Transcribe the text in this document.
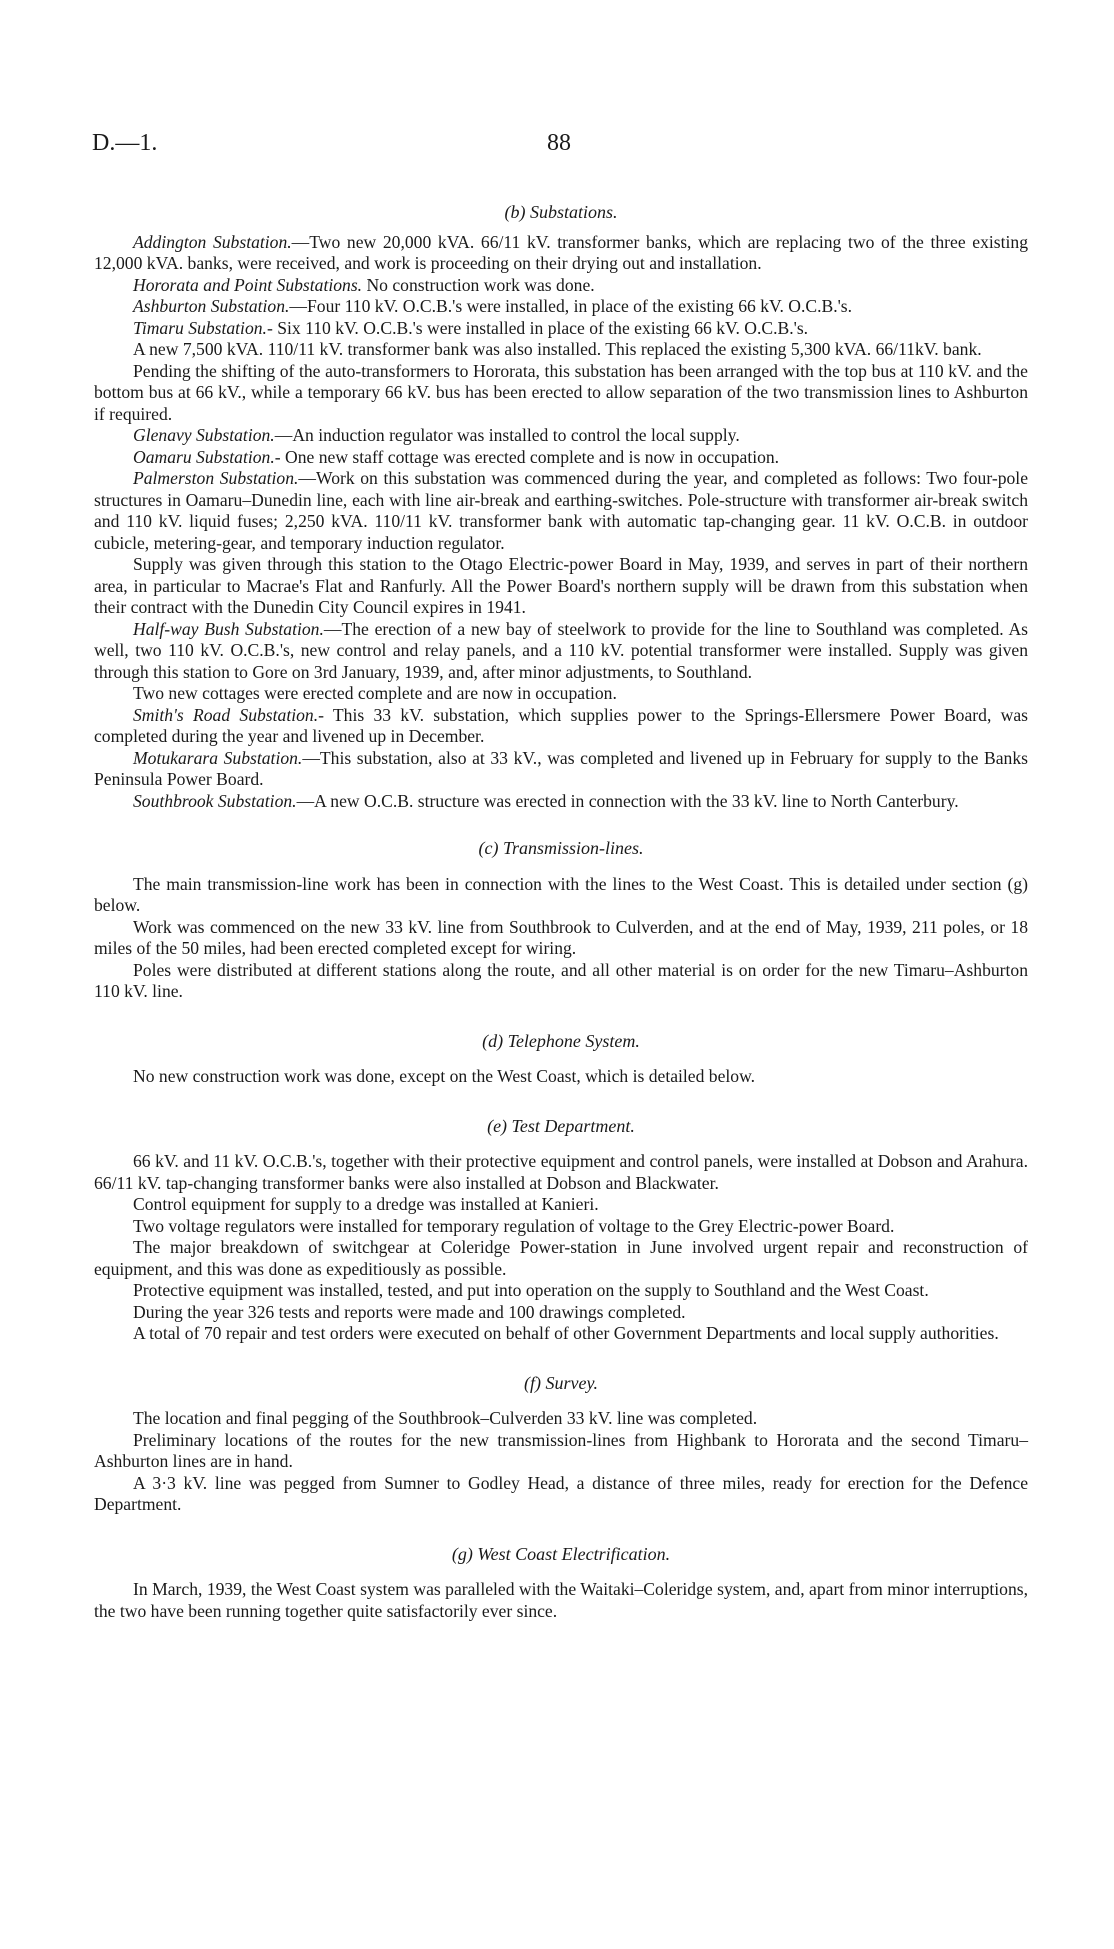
D.—1.	88
(b) Substations.

Addington Substation.—Two new 20,000 kVA. 66/11 kV. transformer banks, which are replacing two of the three existing 12,000 kVA. banks, were received, and work is proceeding on their drying out and installation.

Hororata and Point Substations. No construction work was done.

Ashburton Substation.—Four 110 kV. O.C.B.'s were installed, in place of the existing 66 kV. O.C.B.'s.

Timaru Substation.- Six 110 kV. O.C.B.'s were installed in place of the existing 66 kV. O.C.B.'s.

A new 7,500 kVA. 110/11 kV. transformer bank was also installed. This replaced the existing 5,300 kVA. 66/11kV. bank.

Pending the shifting of the auto-transformers to Hororata, this substation has been arranged with the top bus at 110 kV. and the bottom bus at 66 kV., while a temporary 66 kV. bus has been erected to allow separation of the two transmission lines to Ashburton if required.

Glenavy Substation.—An induction regulator was installed to control the local supply.

Oamaru Substation.- One new staff cottage was erected complete and is now in occupation.

Palmerston Substation.—Work on this substation was commenced during the year, and completed as follows: Two four-pole structures in Oamaru–Dunedin line, each with line air-break and earthing-switches. Pole-structure with transformer air-break switch and 110 kV. liquid fuses; 2,250 kVA. 110/11 kV. transformer bank with automatic tap-changing gear. 11 kV. O.C.B. in outdoor cubicle, metering-gear, and temporary induction regulator.

Supply was given through this station to the Otago Electric-power Board in May, 1939, and serves in part of their northern area, in particular to Macrae's Flat and Ranfurly. All the Power Board's northern supply will be drawn from this substation when their contract with the Dunedin City Council expires in 1941.

Half-way Bush Substation.—The erection of a new bay of steelwork to provide for the line to Southland was completed. As well, two 110 kV. O.C.B.'s, new control and relay panels, and a 110 kV. potential transformer were installed. Supply was given through this station to Gore on 3rd January, 1939, and, after minor adjustments, to Southland.

Two new cottages were erected complete and are now in occupation.

Smith's Road Substation.- This 33 kV. substation, which supplies power to the Springs-Ellersmere Power Board, was completed during the year and livened up in December.

Motukarara Substation.—This substation, also at 33 kV., was completed and livened up in February for supply to the Banks Peninsula Power Board.

Southbrook Substation.—A new O.C.B. structure was erected in connection with the 33 kV. line to North Canterbury.

(c) Transmission-lines.

The main transmission-line work has been in connection with the lines to the West Coast. This is detailed under section (g) below.

Work was commenced on the new 33 kV. line from Southbrook to Culverden, and at the end of May, 1939, 211 poles, or 18 miles of the 50 miles, had been erected completed except for wiring.

Poles were distributed at different stations along the route, and all other material is on order for the new Timaru–Ashburton 110 kV. line.

(d) Telephone System.

No new construction work was done, except on the West Coast, which is detailed below.

(e) Test Department.

66 kV. and 11 kV. O.C.B.'s, together with their protective equipment and control panels, were installed at Dobson and Arahura. 66/11 kV. tap-changing transformer banks were also installed at Dobson and Blackwater.

Control equipment for supply to a dredge was installed at Kanieri.

Two voltage regulators were installed for temporary regulation of voltage to the Grey Electric-power Board.

The major breakdown of switchgear at Coleridge Power-station in June involved urgent repair and reconstruction of equipment, and this was done as expeditiously as possible.

Protective equipment was installed, tested, and put into operation on the supply to Southland and the West Coast.

During the year 326 tests and reports were made and 100 drawings completed.

A total of 70 repair and test orders were executed on behalf of other Government Departments and local supply authorities.

(f) Survey.

The location and final pegging of the Southbrook–Culverden 33 kV. line was completed.

Preliminary locations of the routes for the new transmission-lines from Highbank to Hororata and the second Timaru–Ashburton lines are in hand.

A 3·3 kV. line was pegged from Sumner to Godley Head, a distance of three miles, ready for erection for the Defence Department.

(g) West Coast Electrification.

In March, 1939, the West Coast system was paralleled with the Waitaki–Coleridge system, and, apart from minor interruptions, the two have been running together quite satisfactorily ever since.
